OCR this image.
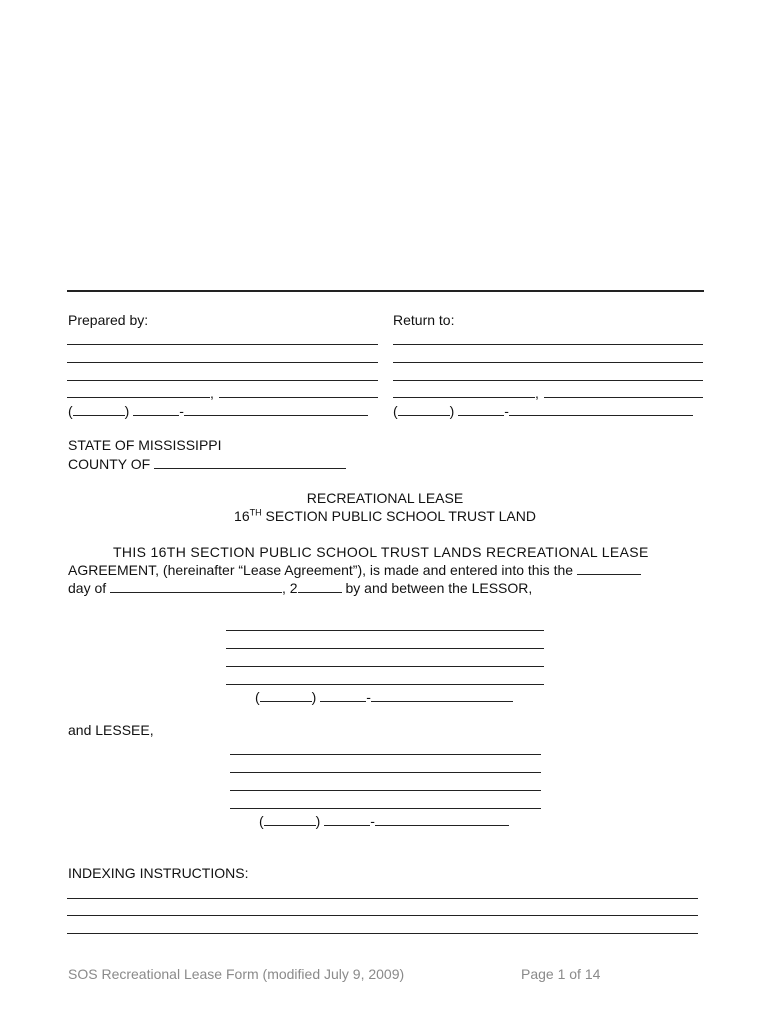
Prepared by:
,
(	)	-
Return to:
,
(	)	-
STATE OF MISSISSIPPI
COUNTY OF
RECREATIONAL LEASE
16TH SECTION PUBLIC SCHOOL TRUST LAND
THIS 16TH SECTION PUBLIC SCHOOL TRUST LANDS RECREATIONAL LEASE
AGREEMENT, (hereinafter “Lease Agreement”), is made and entered into this the
day of	, 2	by and between the LESSOR,
(	)	-
and LESSEE,
(	)	-
INDEXING INSTRUCTIONS:
SOS Recreational Lease Form (modified July 9, 2009)	Page 1 of 14
